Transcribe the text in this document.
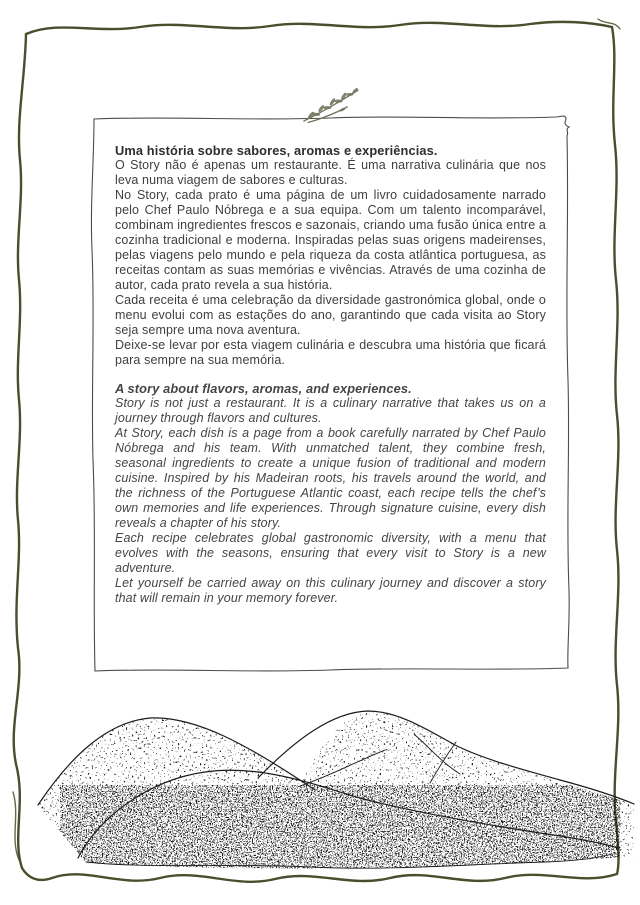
Uma história sobre sabores, aromas e experiências.

O Story não é apenas um restaurante. É uma narrativa culinária que nos leva numa viagem de sabores e culturas.

No Story, cada prato é uma página de um livro cuidadosamente narrado pelo Chef Paulo Nóbrega e a sua equipa. Com um talento incomparável, combinam ingredientes frescos e sazonais, criando uma fusão única entre a cozinha tradicional e moderna. Inspiradas pelas suas origens madeirenses, pelas viagens pelo mundo e pela riqueza da costa atlântica portuguesa, as receitas contam as suas memórias e vivências. Através de uma cozinha de autor, cada prato revela a sua história.

Cada receita é uma celebração da diversidade gastronómica global, onde o menu evolui com as estações do ano, garantindo que cada visita ao Story seja sempre uma nova aventura.

Deixe-se levar por esta viagem culinária e descubra uma história que ficará para sempre na sua memória.

A story about flavors, aromas, and experiences.

Story is not just a restaurant. It is a culinary narrative that takes us on a journey through flavors and cultures.

At Story, each dish is a page from a book carefully narrated by Chef Paulo Nóbrega and his team. With unmatched talent, they combine fresh, seasonal ingredients to create a unique fusion of traditional and modern cuisine. Inspired by his Madeiran roots, his travels around the world, and the richness of the Portuguese Atlantic coast, each recipe tells the chef’s own memories and life experiences. Through signature cuisine, every dish reveals a chapter of his story.

Each recipe celebrates global gastronomic diversity, with a menu that evolves with the seasons, ensuring that every visit to Story is a new adventure.

Let yourself be carried away on this culinary journey and discover a story that will remain in your memory forever.
